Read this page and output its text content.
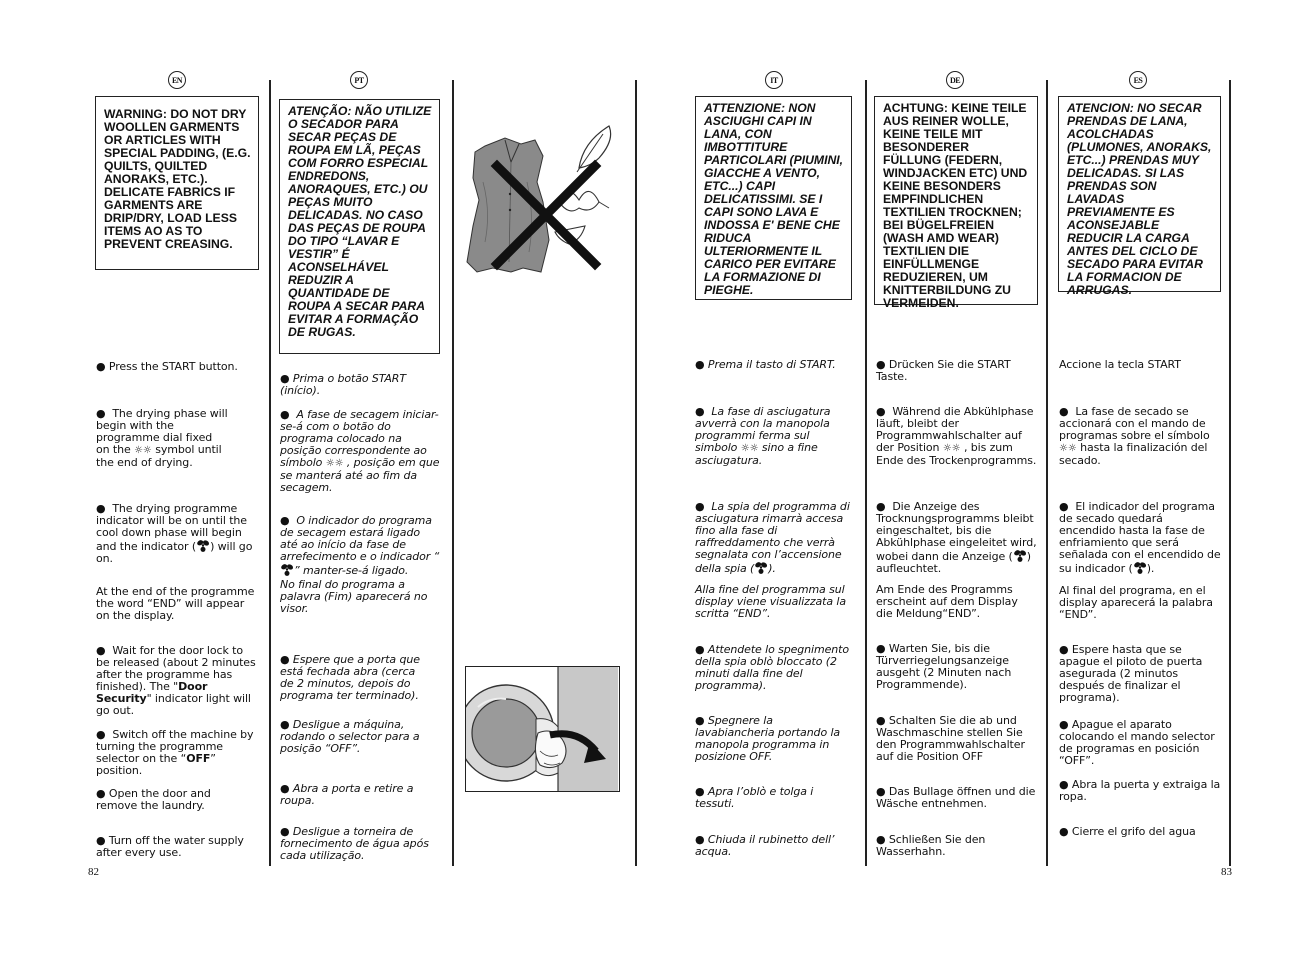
EN	PT	IT	DE	ES
WARNING: DO NOT DRY WOOLLEN GARMENTS OR ARTICLES WITH SPECIAL PADDING, (E.G. QUILTS, QUILTED ANORAKS, ETC.). DELICATE FABRICS IF GARMENTS ARE DRIP/DRY, LOAD LESS ITEMS AO AS TO PREVENT CREASING.
● Press the START button.
● The drying phase will begin with the programme dial fixed on the ☼☼ symbol until the end of drying.
● The drying programme indicator will be on until the cool down phase will begin and the indicator ( ) will go on.
At the end of the programme the word “END” will appear on the display.
● Wait for the door lock to be released (about 2 minutes after the programme has finished). The "Door Security" indicator light will go out.
● Switch off the machine by turning the programme selector on the “OFF” position.
● Open the door and remove the laundry.
● Turn off the water supply after every use.
ATENÇÃO: NÃO UTILIZE O SECADOR PARA SECAR PEÇAS DE ROUPA EM LÃ, PEÇAS COM FORRO ESPECIAL ENDREDONS, ANORAQUES, ETC.) OU PEÇAS MUITO DELICADAS. NO CASO DAS PEÇAS DE ROUPA DO TIPO “LAVAR E VESTIR” É ACONSELHÁVEL REDUZIR A QUANTIDADE DE ROUPA A SECAR PARA EVITAR A FORMAÇÃO DE RUGAS.
● Prima o botão START (início).
● A fase de secagem iniciar-se-á com o botão do programa colocado na posição correspondente ao símbolo ☼☼ , posição em que se manterá até ao fim da secagem.
● O indicador do programa de secagem estará ligado até ao início da fase de arrefecimento e o indicador “” manter-se-á ligado.
No final do programa a palavra (Fim) aparecerá no visor.
● Espere que a porta que está fechada abra (cerca de 2 minutos, depois do programa ter terminado).
● Desligue a máquina, rodando o selector para a posição “OFF”.
● Abra a porta e retire a roupa.
● Desligue a torneira de fornecimento de água após cada utilização.
ATTENZIONE: NON ASCIUGHI CAPI IN LANA, CON IMBOTTITURE PARTICOLARI (PIUMINI, GIACCHE A VENTO, ETC...) CAPI DELICATISSIMI. SE I CAPI SONO LAVA E INDOSSA E' BENE CHE RIDUCA ULTERIORMENTE IL CARICO PER EVITARE LA FORMAZIONE DI PIEGHE.
● Prema il tasto di START.
● La fase di asciugatura avverrà con la manopola programmi ferma sul simbolo ☼☼ sino a fine asciugatura.
● La spia del programma di asciugatura rimarrà accesa fino alla fase di raffreddamento che verrà segnalata con l’accensione della spia ( ).
Alla fine del programma sul display viene visualizzata la scritta “END”.
● Attendete lo spegnimento della spia oblò bloccato (2 minuti dalla fine del programma).
● Spegnere la lavabiancheria portando la manopola programma in posizione OFF.
● Apra l’oblò e tolga i tessuti.
● Chiuda il rubinetto dell’ acqua.
ACHTUNG: KEINE TEILE AUS REINER WOLLE, KEINE TEILE MIT BESONDERER FÜLLUNG (FEDERN, WINDJACKEN ETC) UND KEINE BESONDERS EMPFINDLICHEN TEXTILIEN TROCKNEN; BEI BÜGELFREIEN (WASH AMD WEAR) TEXTILIEN DIE EINFÜLLMENGE REDUZIEREN, UM KNITTERBILDUNG ZU VERMEIDEN.
● Drücken Sie die START Taste.
● Während die Abkühlphase läuft, bleibt der Programmwahlschalter auf der Position ☼☼ , bis zum Ende des Trockenprogramms.
● Die Anzeige des Trocknungsprogramms bleibt eingeschaltet, bis die Abkühlphase eingeleitet wird, wobei dann die Anzeige ( ) aufleuchtet.
Am Ende des Programms erscheint auf dem Display die Meldung“END”.
● Warten Sie, bis die Türverriegelungsanzeige ausgeht (2 Minuten nach Programmende).
● Schalten Sie die ab und Waschmaschine stellen Sie den Programmwahlschalter auf die Position OFF
● Das Bullage öffnen und die Wäsche entnehmen.
● Schließen Sie den Wasserhahn.
ATENCION: NO SECAR PRENDAS DE LANA, ACOLCHADAS (PLUMONES, ANORAKS, ETC...) PRENDAS MUY DELICADAS. SI LAS PRENDAS SON LAVADAS PREVIAMENTE ES ACONSEJABLE REDUCIR LA CARGA ANTES DEL CICLO DE SECADO PARA EVITAR LA FORMACION DE ARRUGAS.
Accione la tecla START
● La fase de secado se accionará con el mando de programas sobre el símbolo ☼☼ hasta la finalización del secado.
● El indicador del programa de secado quedará encendido hasta la fase de enfriamiento que será señalada con el encendido de su indicador ( ).
Al final del programa, en el display aparecerá la palabra “END”.
● Espere hasta que se apague el piloto de puerta asegurada (2 minutos después de finalizar el programa).
● Apague el aparato colocando el mando selector de programas en posición “OFF”.
● Abra la puerta y extraiga la ropa.
● Cierre el grifo del agua
82	83
